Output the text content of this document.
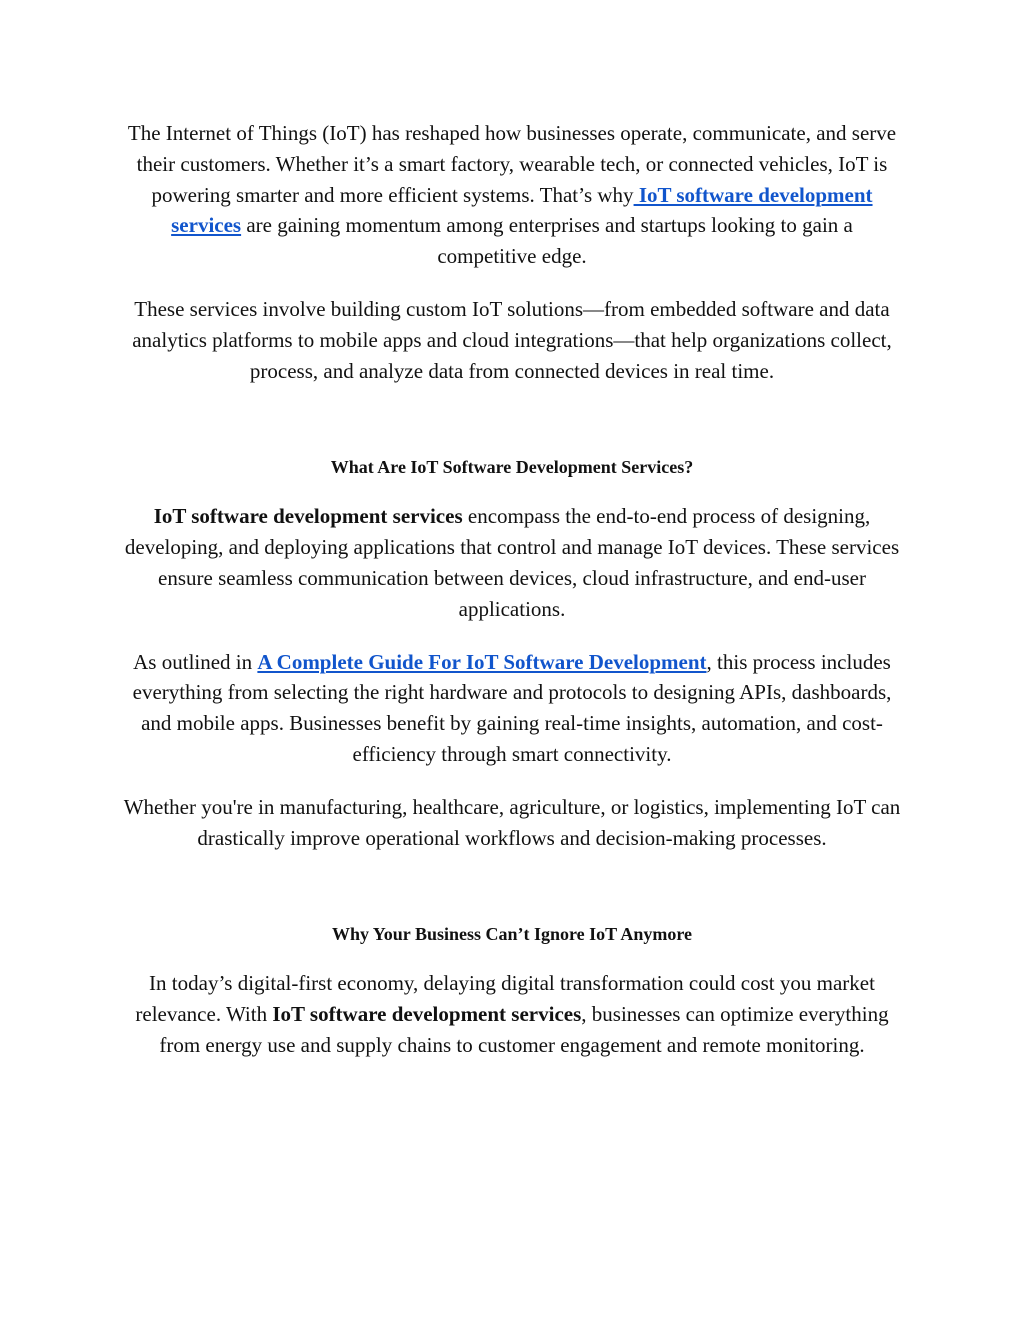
The Internet of Things (IoT) has reshaped how businesses operate, communicate, and serve their customers. Whether it’s a smart factory, wearable tech, or connected vehicles, IoT is powering smarter and more efficient systems. That’s why IoT software development services are gaining momentum among enterprises and startups looking to gain a competitive edge.

These services involve building custom IoT solutions—from embedded software and data analytics platforms to mobile apps and cloud integrations—that help organizations collect, process, and analyze data from connected devices in real time.

What Are IoT Software Development Services?

IoT software development services encompass the end-to-end process of designing, developing, and deploying applications that control and manage IoT devices. These services ensure seamless communication between devices, cloud infrastructure, and end-user applications.

As outlined in A Complete Guide For IoT Software Development, this process includes everything from selecting the right hardware and protocols to designing APIs, dashboards, and mobile apps. Businesses benefit by gaining real-time insights, automation, and cost-efficiency through smart connectivity.

Whether you're in manufacturing, healthcare, agriculture, or logistics, implementing IoT can drastically improve operational workflows and decision-making processes.

Why Your Business Can’t Ignore IoT Anymore

In today’s digital-first economy, delaying digital transformation could cost you market relevance. With IoT software development services, businesses can optimize everything from energy use and supply chains to customer engagement and remote monitoring.
